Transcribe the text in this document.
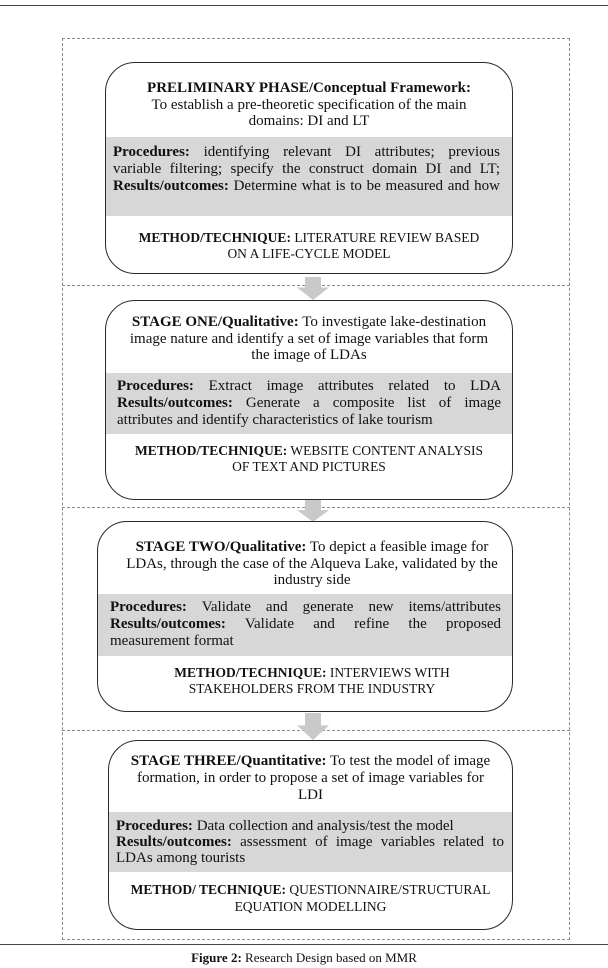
PRELIMINARY PHASE/Conceptual Framework:
To establish a pre-theoretic specification of the main
domains: DI and LT
Procedures: identifying relevant DI attributes; previous
variable filtering; specify the construct domain DI and LT;
Results/outcomes: Determine what is to be measured and how
METHOD/TECHNIQUE: LITERATURE REVIEW BASED
ON A LIFE-CYCLE MODEL
STAGE ONE/Qualitative: To investigate lake-destination
image nature and identify a set of image variables that form
the image of LDAs
Procedures: Extract image attributes related to LDA
Results/outcomes: Generate a composite list of image
attributes and identify characteristics of lake tourism
METHOD/TECHNIQUE: WEBSITE CONTENT ANALYSIS
OF TEXT AND PICTURES
STAGE TWO/Qualitative: To depict a feasible image for
LDAs, through the case of the Alqueva Lake, validated by the
industry side
Procedures: Validate and generate new items/attributes
Results/outcomes: Validate and refine the proposed
measurement format
METHOD/TECHNIQUE: INTERVIEWS WITH
STAKEHOLDERS FROM THE INDUSTRY
STAGE THREE/Quantitative: To test the model of image
formation, in order to propose a set of image variables for
LDI
Procedures: Data collection and analysis/test the model
Results/outcomes: assessment of image variables related to
LDAs among tourists
METHOD/ TECHNIQUE: QUESTIONNAIRE/STRUCTURAL
EQUATION MODELLING
Figure 2: Research Design based on MMR
